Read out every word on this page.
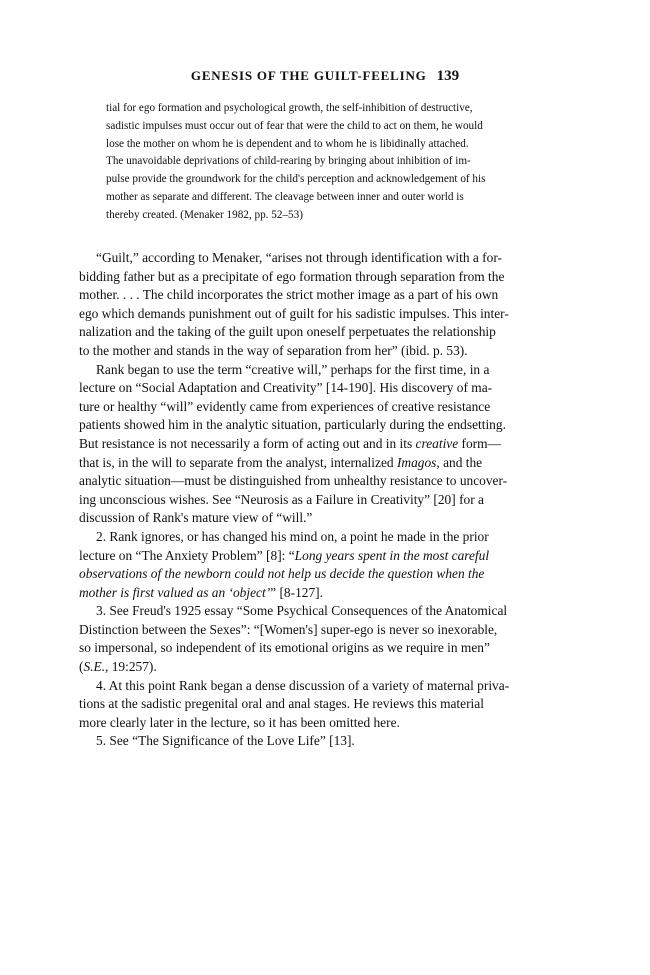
GENESIS OF THE GUILT-FEELING 139
tial for ego formation and psychological growth, the self-inhibition of destructive,
sadistic impulses must occur out of fear that were the child to act on them, he would
lose the mother on whom he is dependent and to whom he is libidinally attached.
The unavoidable deprivations of child-rearing by bringing about inhibition of im-
pulse provide the groundwork for the child's perception and acknowledgement of his
mother as separate and different. The cleavage between inner and outer world is
thereby created. (Menaker 1982, pp. 52–53)
“Guilt,” according to Menaker, “arises not through identification with a for-
bidding father but as a precipitate of ego formation through separation from the
mother. . . . The child incorporates the strict mother image as a part of his own
ego which demands punishment out of guilt for his sadistic impulses. This inter-
nalization and the taking of the guilt upon oneself perpetuates the relationship
to the mother and stands in the way of separation from her” (ibid. p. 53).
Rank began to use the term “creative will,” perhaps for the first time, in a
lecture on “Social Adaptation and Creativity” [14-190]. His discovery of ma-
ture or healthy “will” evidently came from experiences of creative resistance
patients showed him in the analytic situation, particularly during the endsetting.
But resistance is not necessarily a form of acting out and in its creative form—
that is, in the will to separate from the analyst, internalized Imagos, and the
analytic situation—must be distinguished from unhealthy resistance to uncover-
ing unconscious wishes. See “Neurosis as a Failure in Creativity” [20] for a
discussion of Rank's mature view of “will.”
2. Rank ignores, or has changed his mind on, a point he made in the prior
lecture on “The Anxiety Problem” [8]: “Long years spent in the most careful
observations of the newborn could not help us decide the question when the
mother is first valued as an ‘object’” [8-127].
3. See Freud's 1925 essay “Some Psychical Consequences of the Anatomical
Distinction between the Sexes”: “[Women's] super-ego is never so inexorable,
so impersonal, so independent of its emotional origins as we require in men”
(S.E., 19:257).
4. At this point Rank began a dense discussion of a variety of maternal priva-
tions at the sadistic pregenital oral and anal stages. He reviews this material
more clearly later in the lecture, so it has been omitted here.
5. See “The Significance of the Love Life” [13].
